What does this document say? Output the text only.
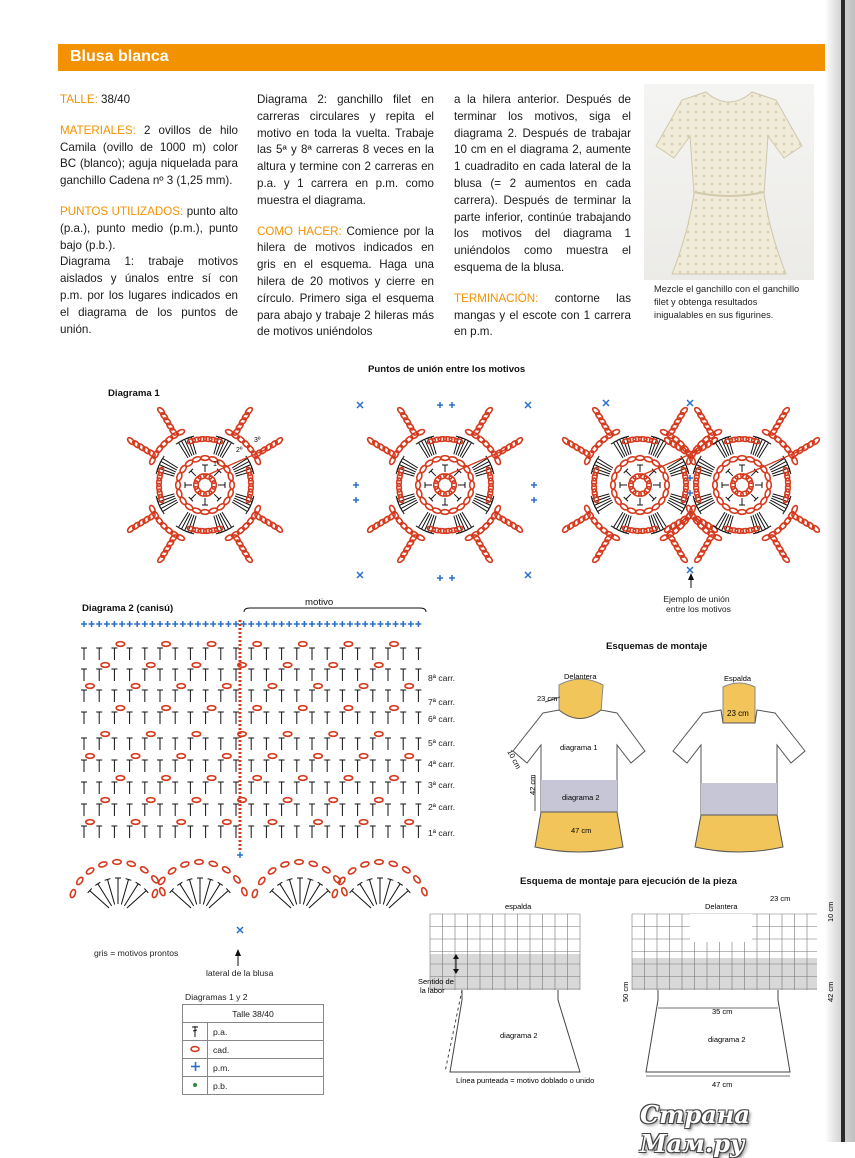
Blusa blanca

TALLE: 38/40

MATERIALES: 2 ovillos de hilo Camila (ovillo de 1000 m) color BC (blanco); aguja niquelada para ganchillo Cadena nº 3 (1,25 mm).

PUNTOS UTILIZADOS: punto alto (p.a.), punto medio (p.m.), punto bajo (p.b.).

Diagrama 1: trabaje motivos aislados y únalos entre sí con p.m. por los lugares indicados en el diagrama de los puntos de unión.

Diagrama 2: ganchillo filet en carreras circulares y repita el motivo en toda la vuelta. Trabaje las 5ª y 8ª carreras 8 veces en la altura y termine con 2 carreras en p.a. y 1 carrera en p.m. como muestra el diagrama.

COMO HACER: Comience por la hilera de motivos indicados en gris en el esquema. Haga una hilera de 20 motivos y cierre en círculo. Primero siga el esquema para abajo y trabaje 2 hileras más de motivos uniéndolos

a la hilera anterior. Después de terminar los motivos, siga el diagrama 2. Después de trabajar 10 cm en el diagrama 2, aumente 1 cuadradito en cada lateral de la blusa (= 2 aumentos en cada carrera). Después de terminar la parte inferior, continúe trabajando los motivos del diagrama 1 uniéndolos como muestra el esquema de la blusa.

TERMINACIÓN: contorne las mangas y el escote con 1 carrera en p.m.

Mezcle el ganchillo con el ganchillo filet y obtenga resultados inigualables en sus figurines.
Puntos de unión entre los motivos
Diagrama 1
1º
2º
3º
Ejemplo de unión
entre los motivos
Diagrama 2 (canisú)
motivo
8ª carr.
7ª carr.
6ª carr.
5ª carr.
4ª carr.
3ª carr.
2ª carr.
1ª carr.
gris = motivos prontos
lateral de la blusa
Diagramas 1 y 2
Talle 38/40	
	p.a.
	cad.
	p.m.
	p.b.
Esquemas de montaje
Delantera
23 cm
10 cm
42 cm
diagrama 1
diagrama 2
47 cm
Espalda
23 cm
Esquema de montaje para ejecución de la pieza
espalda	Delantera
23 cm
Sentido de
la labor	50 cm
10 cm
42 cm
35 cm
diagrama 2	diagrama 2
47 cm
Línea punteada = motivo doblado o unido
Страна Мам.ру
